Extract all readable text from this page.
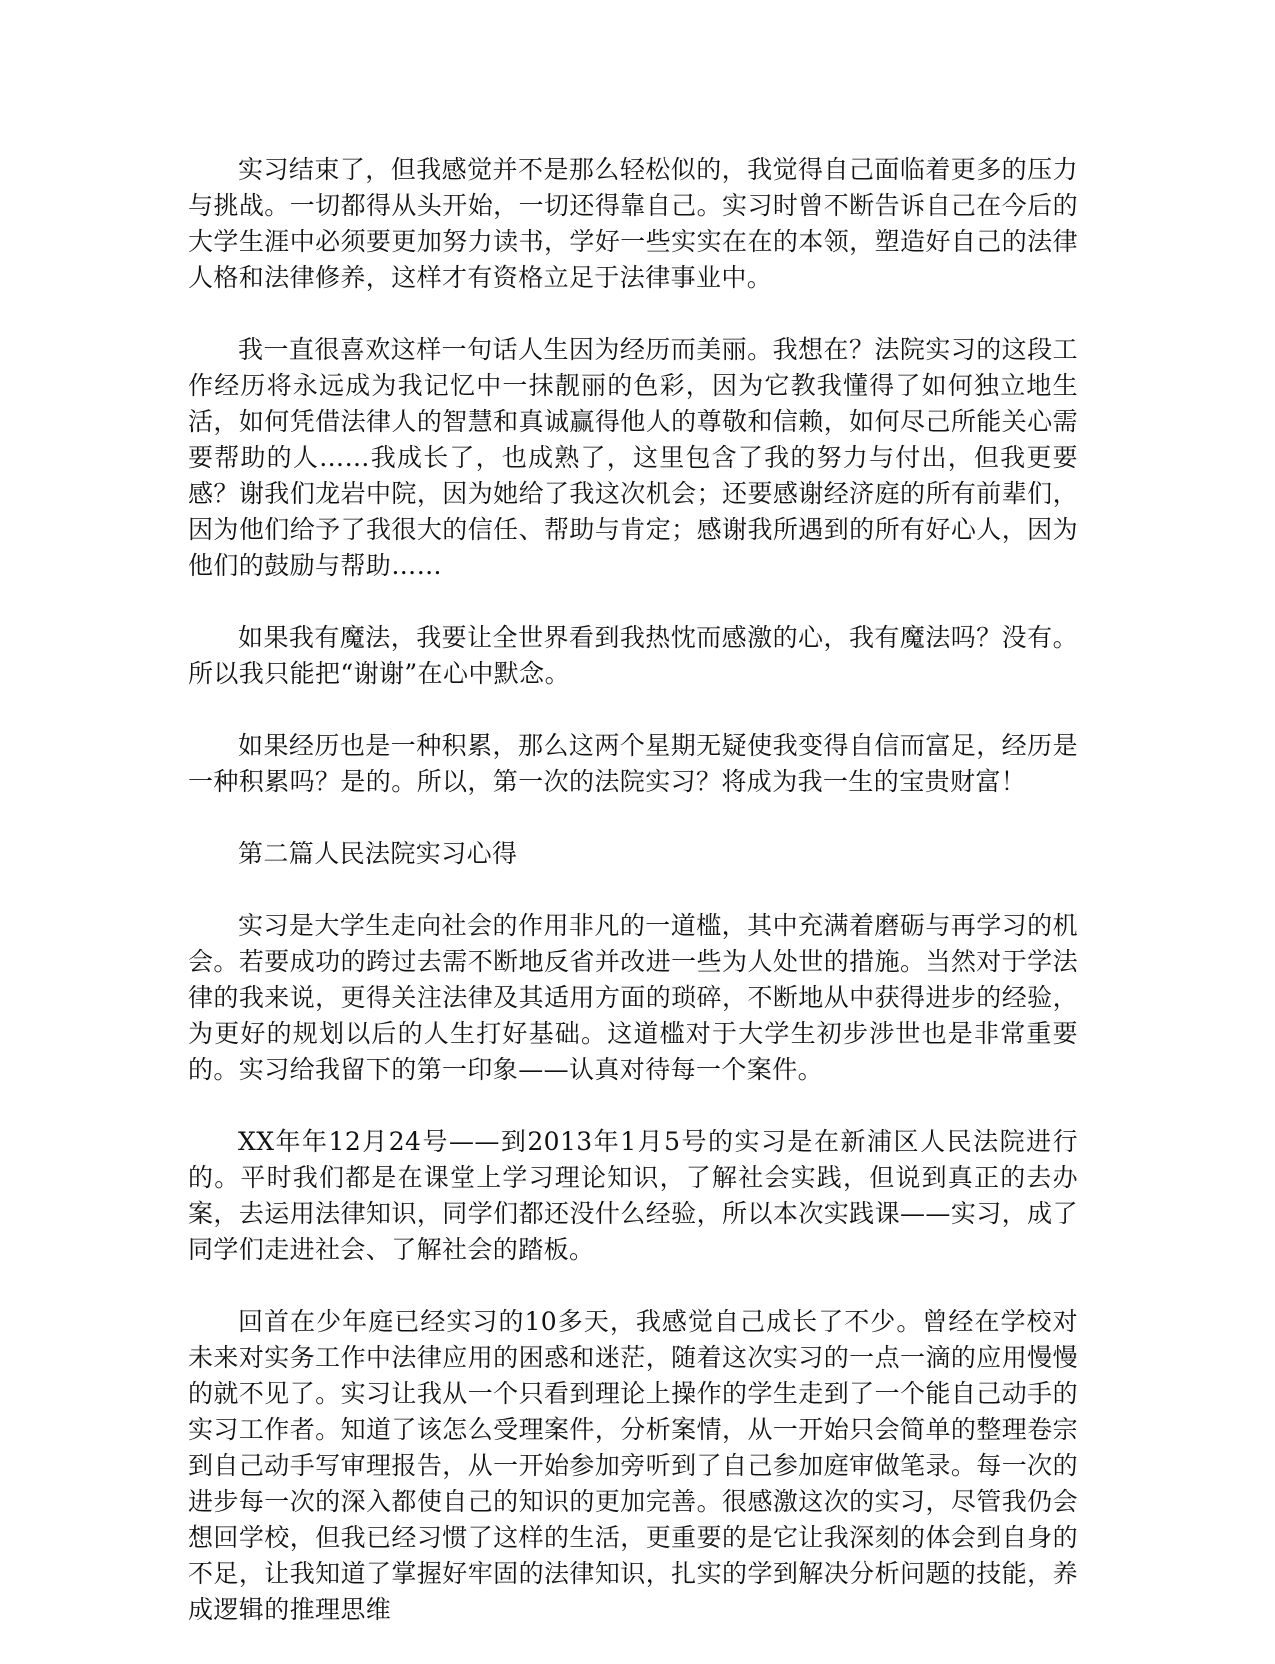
实习结束了，但我感觉并不是那么轻松似的，我觉得自己面临着更多的压力与挑战。一切都得从头开始，一切还得靠自己。实习时曾不断告诉自己在今后的大学生涯中必须要更加努力读书，学好一些实实在在的本领，塑造好自己的法律人格和法律修养，这样才有资格立足于法律事业中。

我一直很喜欢这样一句话人生因为经历而美丽。我想在？法院实习的这段工作经历将永远成为我记忆中一抹靓丽的色彩，因为它教我懂得了如何独立地生活，如何凭借法律人的智慧和真诚赢得他人的尊敬和信赖，如何尽己所能关心需要帮助的人……我成长了，也成熟了，这里包含了我的努力与付出，但我更要感？谢我们龙岩中院，因为她给了我这次机会；还要感谢经济庭的所有前辈们，因为他们给予了我很大的信任、帮助与肯定；感谢我所遇到的所有好心人，因为他们的鼓励与帮助……

如果我有魔法，我要让全世界看到我热忱而感激的心，我有魔法吗？没有。所以我只能把“谢谢”在心中默念。

如果经历也是一种积累，那么这两个星期无疑使我变得自信而富足，经历是一种积累吗？是的。所以，第一次的法院实习？将成为我一生的宝贵财富！

第二篇人民法院实习心得

实习是大学生走向社会的作用非凡的一道槛，其中充满着磨砺与再学习的机会。若要成功的跨过去需不断地反省并改进一些为人处世的措施。当然对于学法律的我来说，更得关注法律及其适用方面的琐碎，不断地从中获得进步的经验，为更好的规划以后的人生打好基础。这道槛对于大学生初步涉世也是非常重要的。实习给我留下的第一印象——认真对待每一个案件。

XX年年12月24号——到2013年1月5号的实习是在新浦区人民法院进行的。平时我们都是在课堂上学习理论知识，了解社会实践，但说到真正的去办案，去运用法律知识，同学们都还没什么经验，所以本次实践课——实习，成了同学们走进社会、了解社会的踏板。

回首在少年庭已经实习的10多天，我感觉自己成长了不少。曾经在学校对未来对实务工作中法律应用的困惑和迷茫，随着这次实习的一点一滴的应用慢慢的就不见了。实习让我从一个只看到理论上操作的学生走到了一个能自己动手的实习工作者。知道了该怎么受理案件，分析案情，从一开始只会简单的整理卷宗到自己动手写审理报告，从一开始参加旁听到了自己参加庭审做笔录。每一次的进步每一次的深入都使自己的知识的更加完善。很感激这次的实习，尽管我仍会想回学校，但我已经习惯了这样的生活，更重要的是它让我深刻的体会到自身的不足，让我知道了掌握好牢固的法律知识，扎实的学到解决分析问题的技能，养成逻辑的推理思维
